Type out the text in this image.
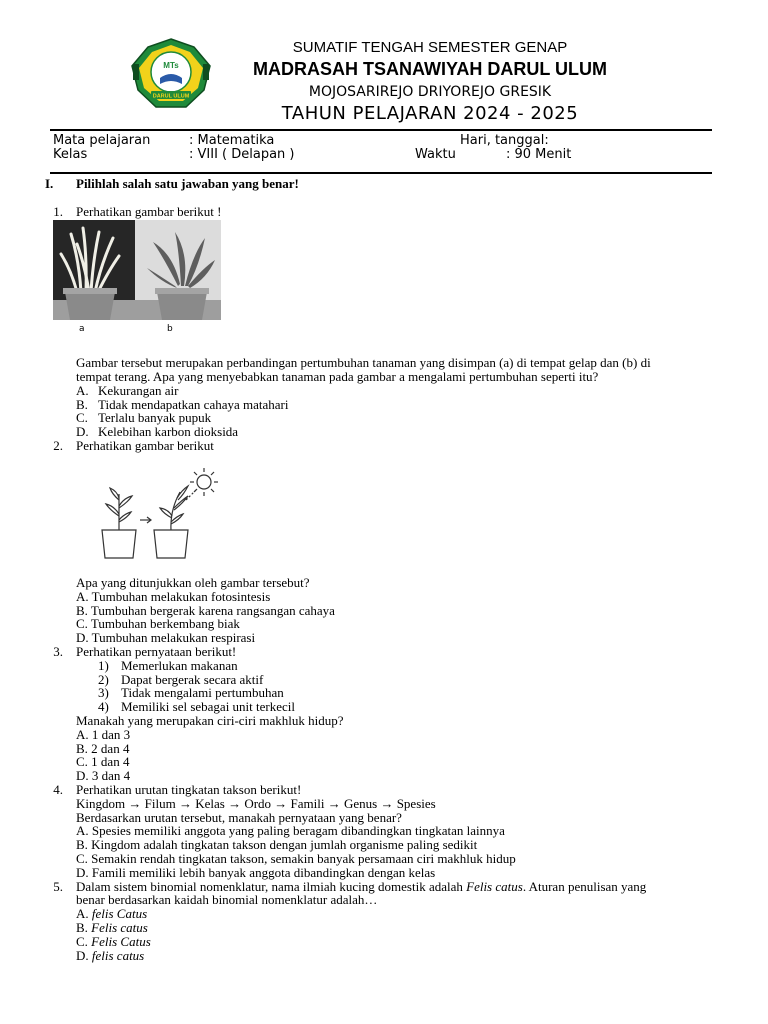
MTs
DARUL ULUM
SUMATIF TENGAH SEMESTER GENAP
MADRASAH TSANAWIYAH DARUL ULUM
MOJOSARIREJO DRIYOREJO GRESIK
TAHUN PELAJARAN 2024 - 2025
Mata pelajaran	: Matematika	Hari, tanggal:
Kelas	: VIII ( Delapan )	Waktu	: 90 Menit
I. Pilihlah salah satu jawaban yang benar!
1. Perhatikan gambar berikut !
a	b
Gambar tersebut merupakan perbandingan pertumbuhan tanaman yang disimpan (a) di tempat gelap dan (b) di
tempat terang. Apa yang menyebabkan tanaman pada gambar a mengalami pertumbuhan seperti itu?
A. Kekurangan air
B. Tidak mendapatkan cahaya matahari
C. Terlalu banyak pupuk
D. Kelebihan karbon dioksida
2. Perhatikan gambar berikut
Apa yang ditunjukkan oleh gambar tersebut?
A. Tumbuhan melakukan fotosintesis
B. Tumbuhan bergerak karena rangsangan cahaya
C. Tumbuhan berkembang biak
D. Tumbuhan melakukan respirasi
3. Perhatikan pernyataan berikut!
1) Memerlukan makanan
2) Dapat bergerak secara aktif
3) Tidak mengalami pertumbuhan
4) Memiliki sel sebagai unit terkecil
Manakah yang merupakan ciri-ciri makhluk hidup?
A. 1 dan 3
B. 2 dan 4
C. 1 dan 4
D. 3 dan 4
4. Perhatikan urutan tingkatan takson berikut!
Kingdom → Filum → Kelas → Ordo → Famili → Genus → Spesies
Berdasarkan urutan tersebut, manakah pernyataan yang benar?
A. Spesies memiliki anggota yang paling beragam dibandingkan tingkatan lainnya
B. Kingdom adalah tingkatan takson dengan jumlah organisme paling sedikit
C. Semakin rendah tingkatan takson, semakin banyak persamaan ciri makhluk hidup
D. Famili memiliki lebih banyak anggota dibandingkan dengan kelas
5. Dalam sistem binomial nomenklatur, nama ilmiah kucing domestik adalah Felis catus. Aturan penulisan yang
benar berdasarkan kaidah binomial nomenklatur adalah…
A. felis Catus
B. Felis catus
C. Felis Catus
D. felis catus
